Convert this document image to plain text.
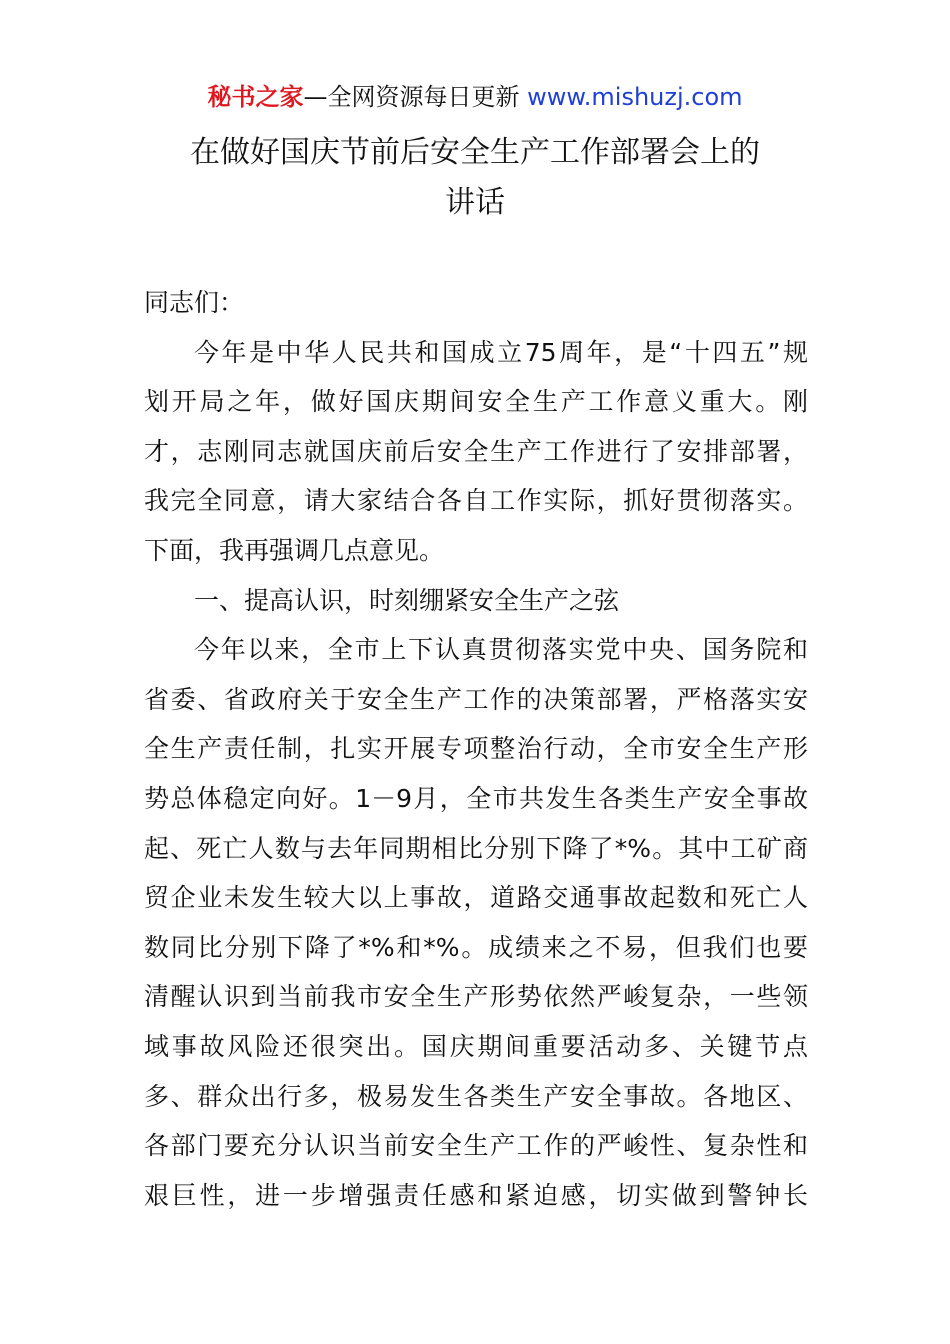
秘书之家—全网资源每日更新 www.mishuzj.com
在做好国庆节前后安全生产工作部署会上的
讲话
同志们：
今年是中华人民共和国成立75周年，是“十四五”规
划开局之年，做好国庆期间安全生产工作意义重大。刚
才，志刚同志就国庆前后安全生产工作进行了安排部署，
我完全同意，请大家结合各自工作实际，抓好贯彻落实。
下面，我再强调几点意见。
一、提高认识，时刻绷紧安全生产之弦
今年以来，全市上下认真贯彻落实党中央、国务院和
省委、省政府关于安全生产工作的决策部署，严格落实安
全生产责任制，扎实开展专项整治行动，全市安全生产形
势总体稳定向好。1－9月，全市共发生各类生产安全事故
起、死亡人数与去年同期相比分别下降了*%。其中工矿商
贸企业未发生较大以上事故，道路交通事故起数和死亡人
数同比分别下降了*%和*%。成绩来之不易，但我们也要
清醒认识到当前我市安全生产形势依然严峻复杂，一些领
域事故风险还很突出。国庆期间重要活动多、关键节点
多、群众出行多，极易发生各类生产安全事故。各地区、
各部门要充分认识当前安全生产工作的严峻性、复杂性和
艰巨性，进一步增强责任感和紧迫感，切实做到警钟长
